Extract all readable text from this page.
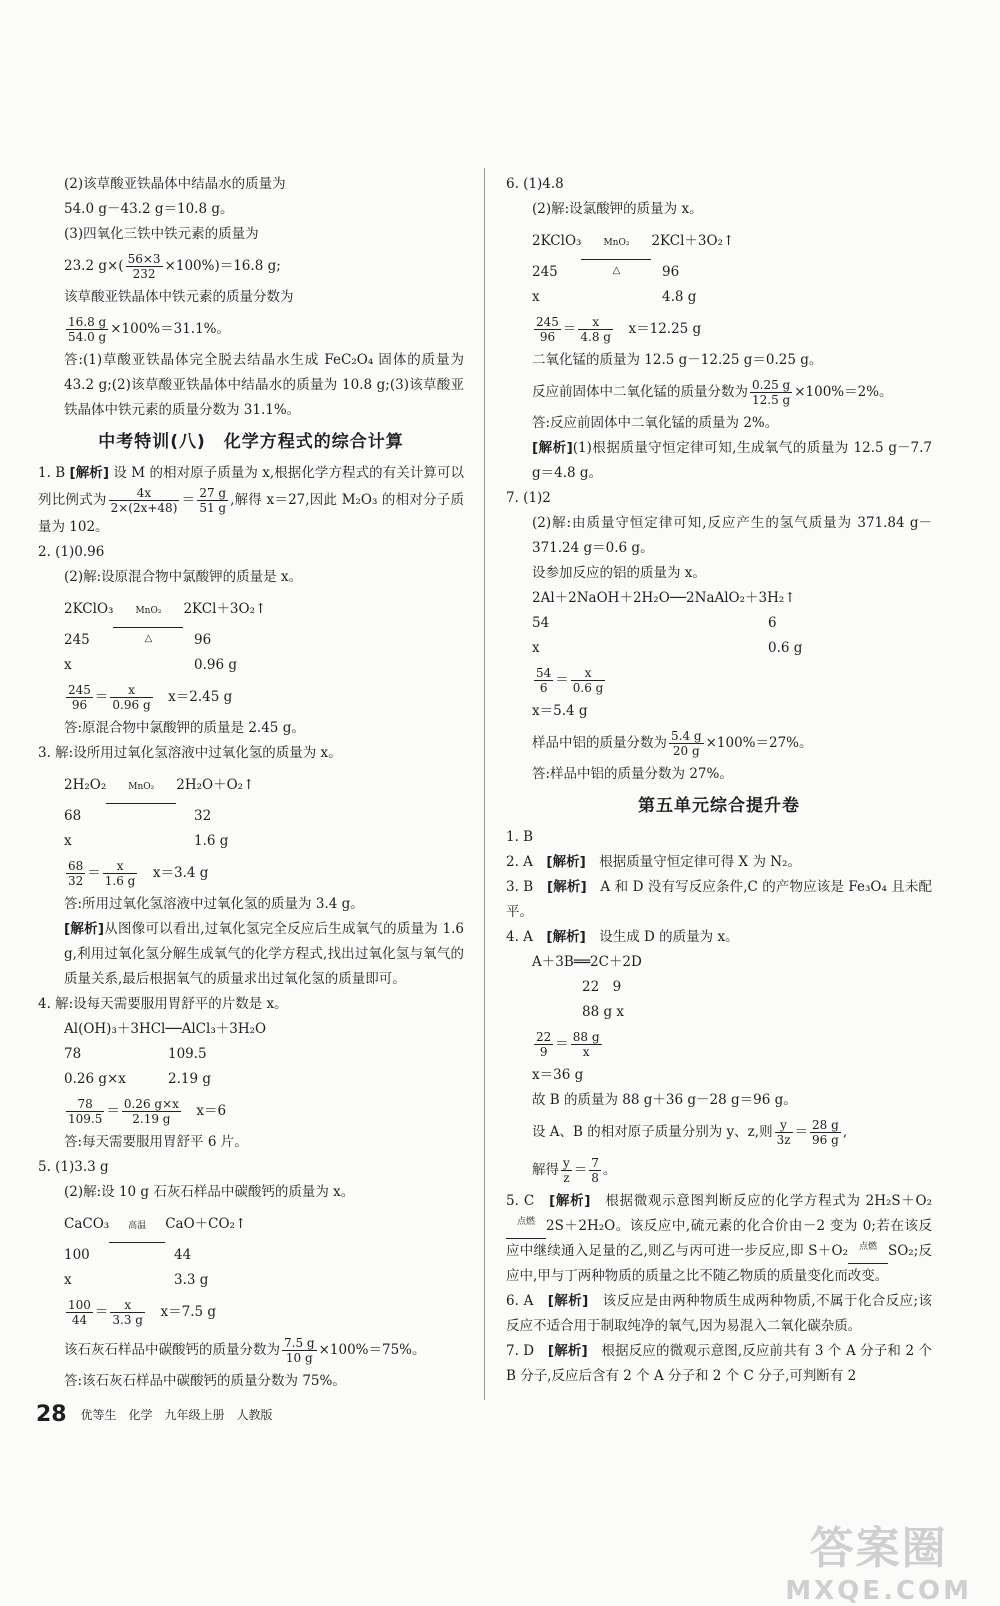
(2)该草酸亚铁晶体中结晶水的质量为
54.0 g－43.2 g＝10.8 g。
(3)四氧化三铁中铁元素的质量为
23.2 $g\times( \frac{56\times 3}{232} \times 100\%)=16.8$ g;
该草酸亚铁晶体中铁元素的质量分数为
$\frac{16.8 g}{54.0 g} \times 100\%=31.1\%$。
答:(1)草酸亚铁晶体完全脱去结晶水生成 FeC₂O₄ 固体的质量为 43.2 g;(2)该草酸亚铁晶体中结晶水的质量为 10.8 g;(3)该草酸亚铁晶体中铁元素的质量分数为 31.1%。
中考特训(八)　化学方程式的综合计算
1. B [解析] 设 M 的相对原子质量为 x,根据化学方程式的有关计算可以列比例式为 $\frac{4x}{2\times(2x+48)} = \frac{27 g}{51 g}$ ,解得 x＝27,因此 M₂O₃ 的相对分子质量为 102。
2. (1)0.96
(2)解:设原混合物中氯酸钾的质量是 x。
2KClO₃	MnO₂
△
2KCl＋3O₂↑
245	96
x	0.96 g
$\frac{245}{96} = \frac{x}{0.96 g}$
　 x＝2.45 g
答:原混合物中氯酸钾的质量是 2.45 g。
3. 解:设所用过氧化氢溶液中过氧化氢的质量为 x。
2H₂O₂	MnO₂	2H₂O＋O₂↑
68	32
x	1.6 g
$\frac{68}{32} = \frac{x}{1.6 g}$
　 x＝3.4 g
答:所用过氧化氢溶液中过氧化氢的质量为 3.4 g。
[解析]从图像可以看出,过氧化氢完全反应后生成氧气的质量为 1.6 g,利用过氧化氢分解生成氧气的化学方程式,找出过氧化氢与氧气的质量关系,最后根据氧气的质量求出过氧化氢的质量即可。
4. 解:设每天需要服用胃舒平的片数是 x。
Al(OH)₃＋3HCl──AlCl₃＋3H₂O
78	109.5
0.26 g×x	2.19 g
$\frac{78}{109.5} = \frac{0.26 g\times x}{2.19 g}$
　 x＝6
答:每天需要服用胃舒平 6 片。
5. (1)3.3 g
(2)解:设 10 g 石灰石样品中碳酸钙的质量为 x。
CaCO₃	高温	CaO＋CO₂↑
100	44
x	3.3 g
$\frac{100}{44} = \frac{x}{3.3 g}$
　 x＝7.5 g
该石灰石样品中碳酸钙的质量分数为 $\frac{7.5 g}{10 g} \times 100\%=75\%$。
答:该石灰石样品中碳酸钙的质量分数为 75%。
6. (1)4.8
(2)解:设氯酸钾的质量为 x。
2KClO₃	MnO₂
△
2KCl＋3O₂↑
245	96
x	4.8 g
$\frac{245}{96} = \frac{x}{4.8 g}$
　 x＝12.25 g
二氧化锰的质量为 12.5 g－12.25 g＝0.25 g。
反应前固体中二氧化锰的质量分数为 $\frac{0.25 g}{12.5 g} \times 100\%=2\%$。
答:反应前固体中二氧化锰的质量为 2%。
[解析](1)根据质量守恒定律可知,生成氧气的质量为 12.5 g－7.7 g＝4.8 g。
7. (1)2
(2)解:由质量守恒定律可知,反应产生的氢气质量为 371.84 g－371.24 g＝0.6 g。
设参加反应的铝的质量为 x。
2Al＋2NaOH＋2H₂O──2NaAlO₂＋3H₂↑
54	6
x	0.6 g
$\frac{54}{6} = \frac{x}{0.6 g}$
x＝5.4 g
样品中铝的质量分数为 $\frac{5.4 g}{20 g} \times 100\%=27\%$。
答:样品中铝的质量分数为 27%。
第五单元综合提升卷
1. B
2. A　 [解析]　 根据质量守恒定律可得 X 为 N₂。
3. B　 [解析]　 A 和 D 没有写反应条件,C 的产物应该是 Fe₃O₄ 且未配平。
4. A　 [解析]　 设生成 D 的质量为 x。
A＋3B══2C＋2D
22　9
88 g x
$\frac{22}{9} = \frac{88 g}{x}$
x＝36 g
故 B 的质量为 88 g＋36 g－28 g＝96 g。
设 A、B 的相对原子质量分别为 y、z,则 $\frac{y}{3z} = \frac{28 g}{96 g}$ ,
解得 $\frac{y}{z} = \frac{7}{8}$ 。
5. C　 [解析]　 根据微观示意图判断反应的化学方程式为 2H₂S＋O₂
点燃 2S＋2H₂O。该反应中,硫元素的化合价由－2 变为 0;若在该反应中继续通入足量的乙,则乙与丙可进一步反应,即 S＋O₂	点燃 SO₂;反应中,甲与丁两种物质的质量之比不随乙物质的质量变化而改变。
6. A　 [解析]　 该反应是由两种物质生成两种物质,不属于化合反应;该反应不适合用于制取纯净的氧气,因为易混入二氧化碳杂质。
7. D　 [解析]　 根据反应的微观示意图,反应前共有 3 个 A 分子和 2 个 B 分子,反应后含有 2 个 A 分子和 2 个 C 分子,可判断有 2
28 优等生　化学　九年级上册　人教版
答案圈
MXQE.COM
